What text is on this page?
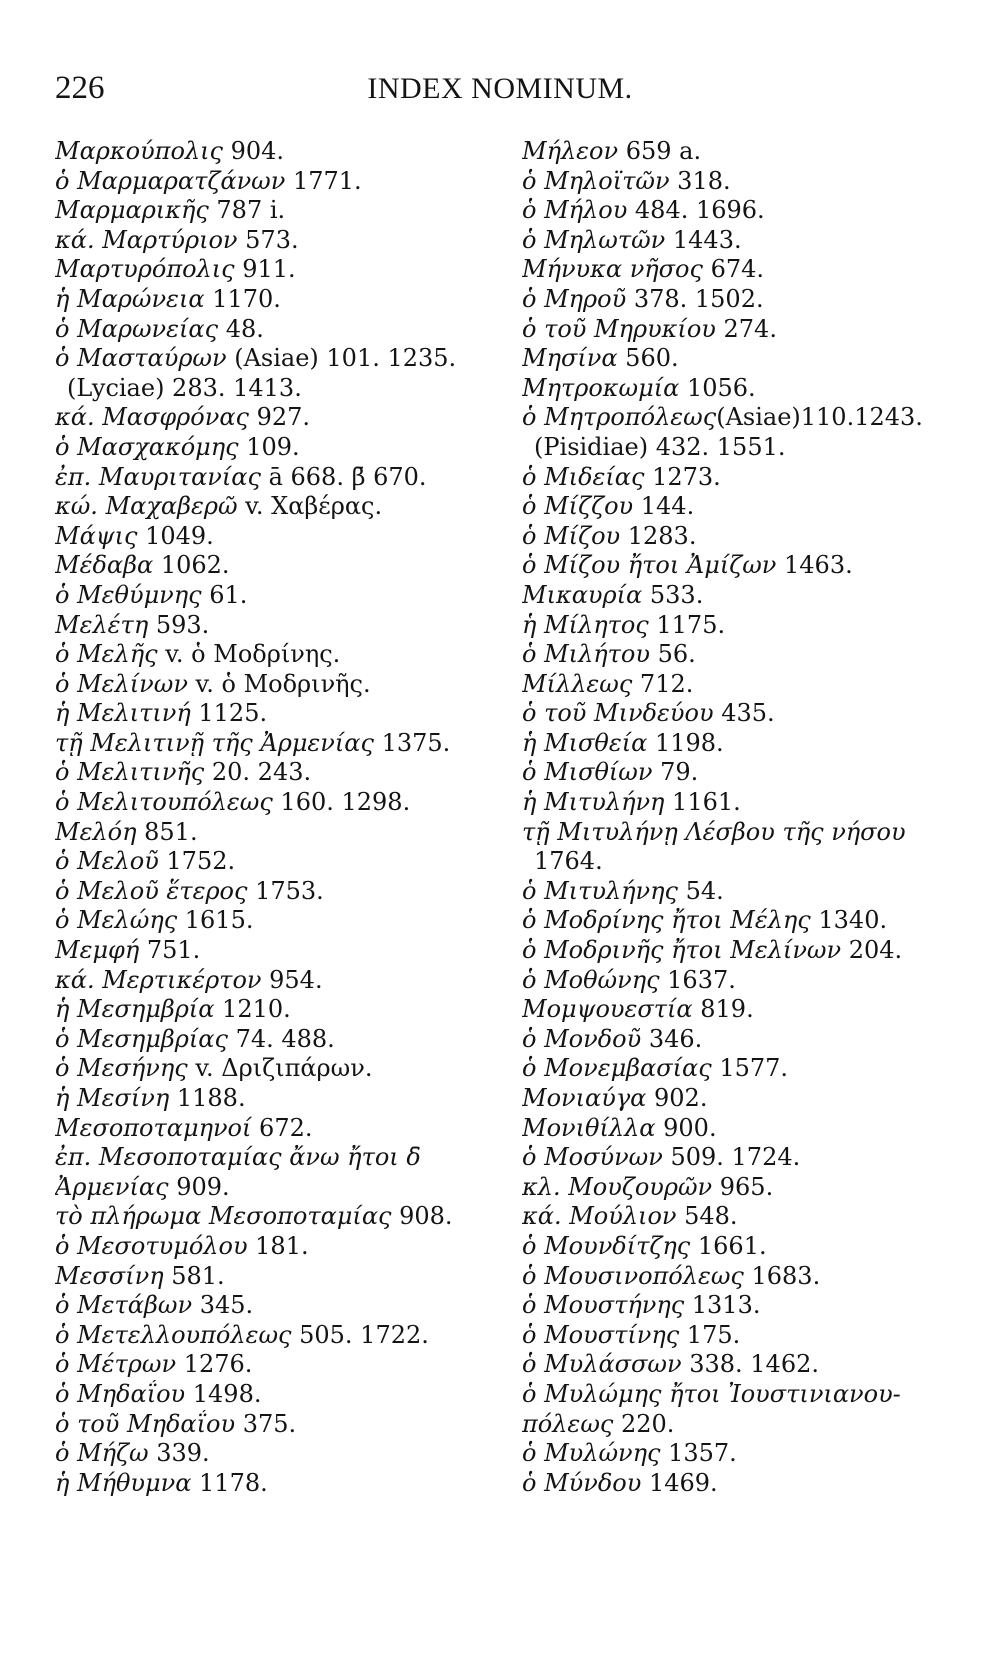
226	INDEX NOMINUM.
Μαρκούπολις 904.
ὁ Μαρμαρατζάνων 1771.
Μαρμαρικῆς 787 i.
κά. Μαρτύριον 573.
Μαρτυρόπολις 911.
ἡ Μαρώνεια 1170.
ὁ Μαρωνείας 48.
ὁ Μασταύρων (Asiae) 101. 1235.
(Lyciae) 283. 1413.
κά. Μασφρόνας 927.
ὁ Μασχακόμης 109.
ἐπ. Μαυριτανίας ā 668. β̄ 670.
κώ. Μαχαβερῶ v. Χαβέρας.
Μάψις 1049.
Μέδαβα 1062.
ὁ Μεθύμνης 61.
Μελέτη 593.
ὁ Μελῆς v. ὁ Μοδρίνης.
ὁ Μελίνων v. ὁ Μοδρινῆς.
ἡ Μελιτινή 1125.
τῇ Μελιτινῇ τῆς Ἀρμενίας 1375.
ὁ Μελιτινῆς 20. 243.
ὁ Μελιτουπόλεως 160. 1298.
Μελόη 851.
ὁ Μελοῦ 1752.
ὁ Μελοῦ ἕτερος 1753.
ὁ Μελώης 1615.
Μεμφή 751.
κά. Μερτικέρτον 954.
ἡ Μεσημβρία 1210.
ὁ Μεσημβρίας 74. 488.
ὁ Μεσήνης v. Δριζιπάρων.
ἡ Μεσίνη 1188.
Μεσοποταμηνοί 672.
ἐπ. Μεσοποταμίας ἄνω ἤτοι δ̄
Ἀρμενίας 909.
τὸ πλήρωμα Μεσοποταμίας 908.
ὁ Μεσοτυμόλου 181.
Μεσσίνη 581.
ὁ Μετάβων 345.
ὁ Μετελλουπόλεως 505. 1722.
ὁ Μέτρων 1276.
ὁ Μηδαΐου 1498.
ὁ τοῦ Μηδαΐου 375.
ὁ Μήζω 339.
ἡ Μήθυμνα 1178.
Μήλεον 659 a.
ὁ Μηλοϊτῶν 318.
ὁ Μήλου 484. 1696.
ὁ Μηλωτῶν 1443.
Μήνυκα νῆσος 674.
ὁ Μηροῦ 378. 1502.
ὁ τοῦ Μηρυκίου 274.
Μησίνα 560.
Μητροκωμία 1056.
ὁ Μητροπόλεως(Asiae)110.1243.
(Pisidiae) 432. 1551.
ὁ Μιδείας 1273.
ὁ Μίζζου 144.
ὁ Μίζου 1283.
ὁ Μίζου ἤτοι Ἀμίζων 1463.
Μικαυρία 533.
ἡ Μίλητος 1175.
ὁ Μιλήτου 56.
Μίλλεως 712.
ὁ τοῦ Μινδεύου 435.
ἡ Μισθεία 1198.
ὁ Μισθίων 79.
ἡ Μιτυλήνη 1161.
τῇ Μιτυλήνῃ Λέσβου τῆς νήσου
1764.
ὁ Μιτυλήνης 54.
ὁ Μοδρίνης ἤτοι Μέλης 1340.
ὁ Μοδρινῆς ἤτοι Μελίνων 204.
ὁ Μοθώνης 1637.
Μομψουεστία 819.
ὁ Μονδοῦ 346.
ὁ Μονεμβασίας 1577.
Μονιαύγα 902.
Μονιθίλλα 900.
ὁ Μοσύνων 509. 1724.
κλ. Μουζουρῶν 965.
κά. Μούλιον 548.
ὁ Μουνδίτζης 1661.
ὁ Μουσινοπόλεως 1683.
ὁ Μουστήνης 1313.
ὁ Μουστίνης 175.
ὁ Μυλάσσων 338. 1462.
ὁ Μυλώμης ἤτοι Ἰουστινιανου-
πόλεως 220.
ὁ Μυλώνης 1357.
ὁ Μύνδου 1469.
